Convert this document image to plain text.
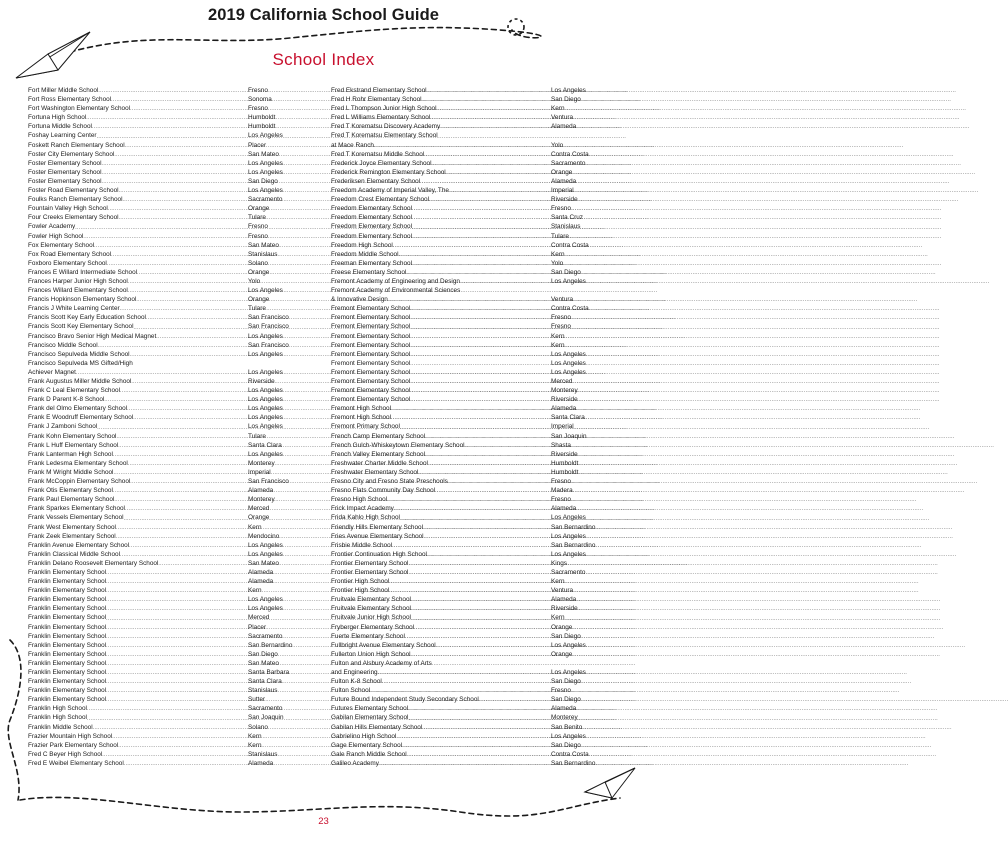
2019 California School Guide
School Index
Fort Miller Middle School .....	Fresno
Fort Ross Elementary School .....	Sonoma
Fort Washington Elementary School .....	Fresno
Fortuna High School .....	Humboldt
Fortuna Middle School .....	Humboldt
Foshay Learning Center .....	Los Angeles
Foskett Ranch Elementary School .....	Placer
Foster City Elementary School .....	San Mateo
Foster Elementary School .....	Los Angeles
Foster Elementary School .....	Los Angeles
Foster Elementary School .....	San Diego
Foster Road Elementary School .....	Los Angeles
Foulks Ranch Elementary School .....	Sacramento
Fountain Valley High School .....	Orange
Four Creeks Elementary School .....	Tulare
Fowler Academy .....	Fresno
Fowler High School .....	Fresno
Fox Elementary School .....	San Mateo
Fox Road Elementary School .....	Stanislaus
Foxboro Elementary School .....	Solano
Frances E Willard Intermediate School .....	Orange
Frances Harper Junior High School .....	Yolo
Frances Willard Elementary School .....	Los Angeles
Francis Hopkinson Elementary School .....	Orange
Francis J White Learning Center .....	Tulare
Francis Scott Key Early Education School .....	San Francisco
Francis Scott Key Elementary School .....	San Francisco
Francisco Bravo Senior High Medical Magnet .....	Los Angeles
Francisco Middle School .....	San Francisco
Francisco Sepulveda Middle School .....	Los Angeles
Francisco Sepulveda MS Gifted/High
Achiever Magnet .....	Los Angeles
Frank Augustus Miller Middle School .....	Riverside
Frank C Leal Elementary School .....	Los Angeles
Frank D Parent K-8 School .....	Los Angeles
Frank del Olmo Elementary School .....	Los Angeles
Frank E Woodruff Elementary School .....	Los Angeles
Frank J Zamboni School .....	Los Angeles
Frank Kohn Elementary School .....	Tulare
Frank L Huff Elementary School .....	Santa Clara
Frank Lanterman High School .....	Los Angeles
Frank Ledesma Elementary School .....	Monterey
Frank M Wright Middle School .....	Imperial
Frank McCoppin Elementary School .....	San Francisco
Frank Otis Elementary School .....	Alameda
Frank Paul Elementary School .....	Monterey
Frank Sparkes Elementary School .....	Merced
Frank Vessels Elementary School .....	Orange
Frank West Elementary School .....	Kern
Frank Zeek Elementary School .....	Mendocino
Franklin Avenue Elementary School .....	Los Angeles
Franklin Classical Middle School .....	Los Angeles
Franklin Delano Roosevelt Elementary School .....	San Mateo
Franklin Elementary School .....	Alameda
Franklin Elementary School .....	Alameda
Franklin Elementary School .....	Kern
Franklin Elementary School .....	Los Angeles
Franklin Elementary School .....	Los Angeles
Franklin Elementary School .....	Merced
Franklin Elementary School .....	Placer
Franklin Elementary School .....	Sacramento
Franklin Elementary School .....	San Bernardino
Franklin Elementary School .....	San Diego
Franklin Elementary School .....	San Mateo
Franklin Elementary School .....	Santa Barbara
Franklin Elementary School .....	Santa Clara
Franklin Elementary School .....	Stanislaus
Franklin Elementary School .....	Sutter
Franklin High School .....	Sacramento
Franklin High School .....	San Joaquin
Franklin Middle School .....	Solano
Frazier Mountain High School .....	Kern
Frazier Park Elementary School .....	Kern
Fred C Beyer High School .....	Stanislaus
Fred E Weibel Elementary School .....	Alameda
Fred Ekstrand Elementary School .....	Los Angeles
Fred H Rohr Elementary School .....	San Diego
Fred L Thompson Junior High School .....	Kern
Fred L Williams Elementary School .....	Ventura
Fred T Korematsu Discovery Academy .....	Alameda
Fred T Korematsu Elementary School
at Mace Ranch .....	Yolo
Fred T Korematsu Middle School .....	Contra Costa
Frederick Joyce Elementary School .....	Sacramento
Frederick Remington Elementary School .....	Orange
Frederiksen Elementary School .....	Alameda
Freedom Academy of Imperial Valley, The .....	Imperial
Freedom Crest Elementary School .....	Riverside
Freedom Elementary School .....	Fresno
Freedom Elementary School .....	Santa Cruz
Freedom Elementary School .....	Stanislaus
Freedom Elementary School .....	Tulare
Freedom High School .....	Contra Costa
Freedom Middle School .....	Kern
Freeman Elementary School .....	Yolo
Freese Elementary School .....	San Diego
Fremont Academy of Engineering and Design .....	Los Angeles
Fremont Academy of Environmental Sciences
& Innovative Design .....	Ventura
Fremont Elementary School .....	Contra Costa
Fremont Elementary School .....	Fresno
Fremont Elementary School .....	Fresno
Fremont Elementary School .....	Kern
Fremont Elementary School .....	Kern
Fremont Elementary School .....	Los Angeles
Fremont Elementary School .....	Los Angeles
Fremont Elementary School .....	Los Angeles
Fremont Elementary School .....	Merced
Fremont Elementary School .....	Monterey
Fremont Elementary School .....	Riverside
Fremont High School .....	Alameda
Fremont High School .....	Santa Clara
Fremont Primary School .....	Imperial
French Camp Elementary School .....	San Joaquin
French Gulch-Whiskeytown Elementary School .....	Shasta
French Valley Elementary School .....	Riverside
Freshwater Charter Middle School .....	Humboldt
Freshwater Elementary School .....	Humboldt
Fresno City and Fresno State Preschools .....	Fresno
Fresno Flats Community Day School .....	Madera
Fresno High School .....	Fresno
Frick Impact Academy .....	Alameda
Frida Kahlo High School .....	Los Angeles
Friendly Hills Elementary School .....	San Bernardino
Fries Avenue Elementary School .....	Los Angeles
Frisbie Middle School .....	San Bernardino
Frontier Continuation High School .....	Los Angeles
Frontier Elementary School .....	Kings
Frontier Elementary School .....	Sacramento
Frontier High School .....	Kern
Frontier High School .....	Ventura
Fruitvale Elementary School .....	Alameda
Fruitvale Elementary School .....	Riverside
Fruitvale Junior High School .....	Kern
Fryberger Elementary School .....	Orange
Fuerte Elementary School .....	San Diego
Fullbright Avenue Elementary School .....	Los Angeles
Fullerton Union High School .....	Orange
Fulton and Alsbury Academy of Arts
and Engineering .....	Los Angeles
Fulton K-8 School .....	San Diego
Fulton School .....	Fresno
Future Bound Independent Study Secondary School .....	San Diego
Futures Elementary School .....	Alameda
Gabilan Elementary School .....	Monterey
Gabilan Hills Elementary School .....	San Benito
Gabrielino High School .....	Los Angeles
Gage Elementary School .....	San Diego
Gale Ranch Middle School .....	Contra Costa
Galileo Academy .....	San Bernardino
23
